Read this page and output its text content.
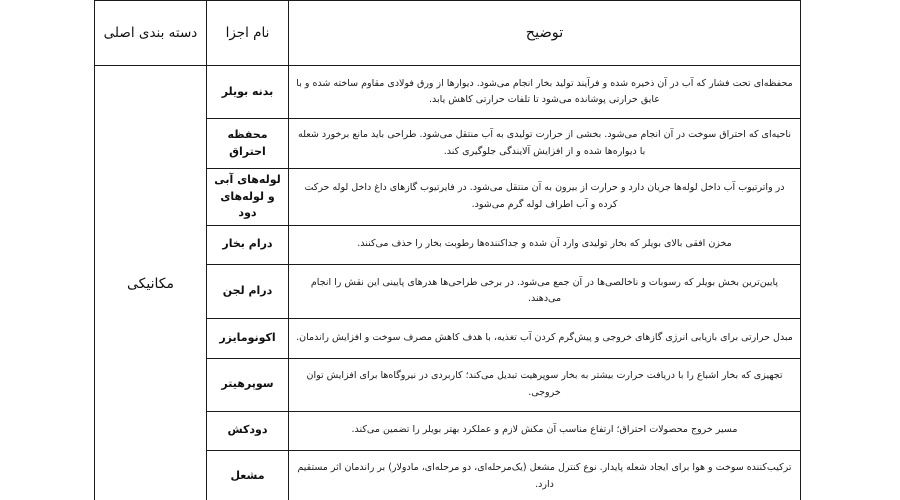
توضیح	نام اجزا	دسته بندی اصلی
محفظه‌ای تحت فشار که آب در آن ذخیره شده و فرآیند تولید بخار انجام می‌شود. دیوارها از ورق فولادی مقاوم ساخته شده و با عایق حرارتی پوشانده می‌شود تا تلفات حرارتی کاهش یابد.	بدنه بویلر	مکانیکی
ناحیه‌ای که احتراق سوخت در آن انجام می‌شود. بخشی از حرارت تولیدی به آب منتقل می‌شود. طراحی باید مانع برخورد شعله با دیواره‌ها شده و از افزایش آلایندگی جلوگیری کند.	محفظه احتراق	
در واترتیوب آب داخل لوله‌ها جریان دارد و حرارت از بیرون به آن منتقل می‌شود. در فایرتیوب گازهای داغ داخل لوله حرکت کرده و آب اطراف لوله گرم می‌شود.	لوله‌های آبی و لوله‌های دود	
مخزن افقی بالای بویلر که بخار تولیدی وارد آن شده و جداکننده‌ها رطوبت بخار را حذف می‌کنند.	درام بخار	
پایین‌ترین بخش بویلر که رسوبات و ناخالصی‌ها در آن جمع می‌شود. در برخی طراحی‌ها هدرهای پایینی این نقش را انجام می‌دهند.	درام لجن	
مبدل حرارتی برای بازیابی انرژی گازهای خروجی و پیش‌گرم کردن آب تغذیه، با هدف کاهش مصرف سوخت و افزایش راندمان.	اکونومایزر	
تجهیزی که بخار اشباع را با دریافت حرارت بیشتر به بخار سوپرهیت تبدیل می‌کند؛ کاربردی در نیروگاه‌ها برای افزایش توان خروجی.	سوپرهیتر	
مسیر خروج محصولات احتراق؛ ارتفاع مناسب آن مکش لازم و عملکرد بهتر بویلر را تضمین می‌کند.	دودکش	
ترکیب‌کننده سوخت و هوا برای ایجاد شعله پایدار. نوع کنترل مشعل (یک‌مرحله‌ای، دو مرحله‌ای، مادولار) بر راندمان اثر مستقیم دارد.	مشعل	
